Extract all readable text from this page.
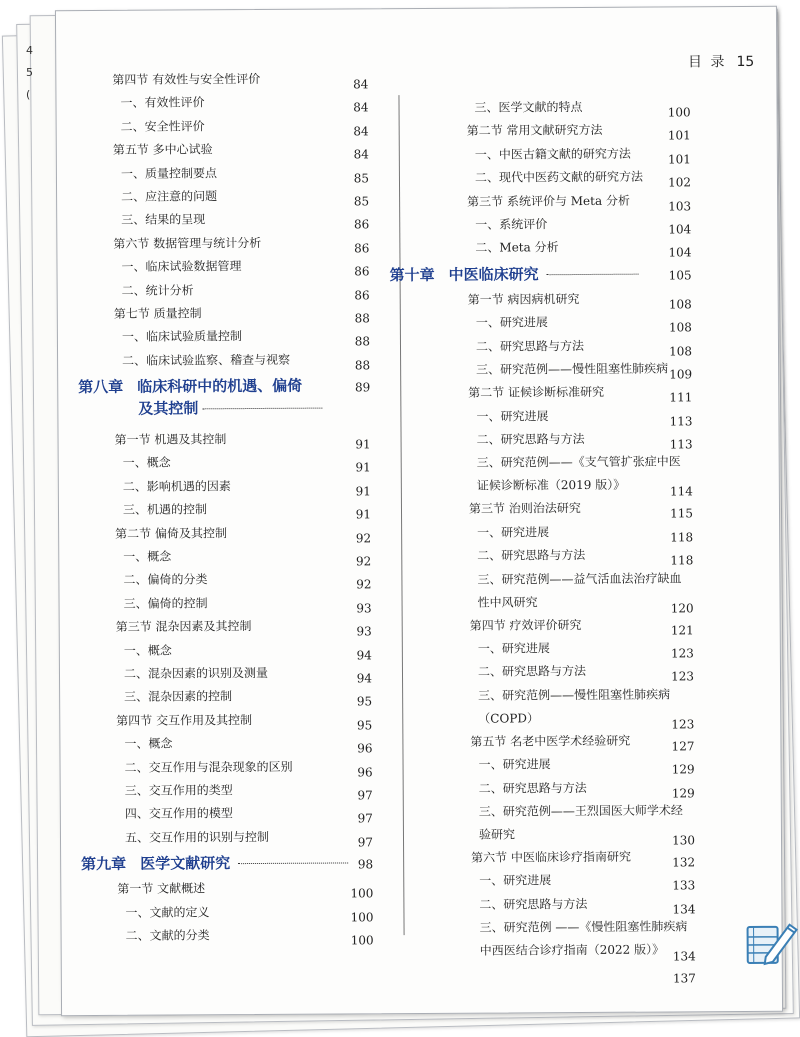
4
5
(
目 录 15
第四节 有效性与安全性评价	84
一、有效性评价	84
二、安全性评价	84
第五节 多中心试验	84
一、质量控制要点	85
二、应注意的问题	85
三、结果的呈现	86
第六节 数据管理与统计分析	86
一、临床试验数据管理	86
二、统计分析	86
第七节 质量控制	88
一、临床试验质量控制	88
二、临床试验监察、稽查与视察	88
第八章 临床科研中的机遇、偏倚
及其控制
89
第一节 机遇及其控制	91
一、概念	91
二、影响机遇的因素	91
三、机遇的控制	91
第二节 偏倚及其控制	92
一、概念	92
二、偏倚的分类	92
三、偏倚的控制	93
第三节 混杂因素及其控制	93
一、概念	94
二、混杂因素的识别及测量	94
三、混杂因素的控制	95
第四节 交互作用及其控制	95
一、概念	96
二、交互作用与混杂现象的区别	96
三、交互作用的类型	97
四、交互作用的模型	97
五、交互作用的识别与控制	97
第九章 医学文献研究	98
第一节 文献概述	100
一、文献的定义	100
二、文献的分类	100
三、医学文献的特点	100
第二节 常用文献研究方法	101
一、中医古籍文献的研究方法	101
二、现代中医药文献的研究方法 102
第三节 系统评价与 Meta 分析	103
一、系统评价	104
二、Meta 分析	104
第十章 中医临床研究	105
第一节 病因病机研究	108
一、研究进展	108
二、研究思路与方法	108
三、研究范例——慢性阻塞性肺疾病 109
第二节 证候诊断标准研究	111
一、研究进展	113
二、研究思路与方法	113
三、研究范例——《支气管扩张症中医证候诊断标准（2019 版）》	114
第三节 治则治法研究	115
一、研究进展	118
二、研究思路与方法	118
三、研究范例——益气活血法治疗缺血性中风研究	120
第四节 疗效评价研究	121
一、研究进展	123
二、研究思路与方法	123
三、研究范例——慢性阻塞性肺疾病（COPD）	123
第五节 名老中医学术经验研究	127
一、研究进展	129
二、研究思路与方法	129
三、研究范例——王烈国医大师学术经验研究	130
第六节 中医临床诊疗指南研究	132
一、研究进展	133
二、研究思路与方法	134
三、研究范例 ——《慢性阻塞性肺疾病中西医结合诊疗指南（2022 版）》 134
137
